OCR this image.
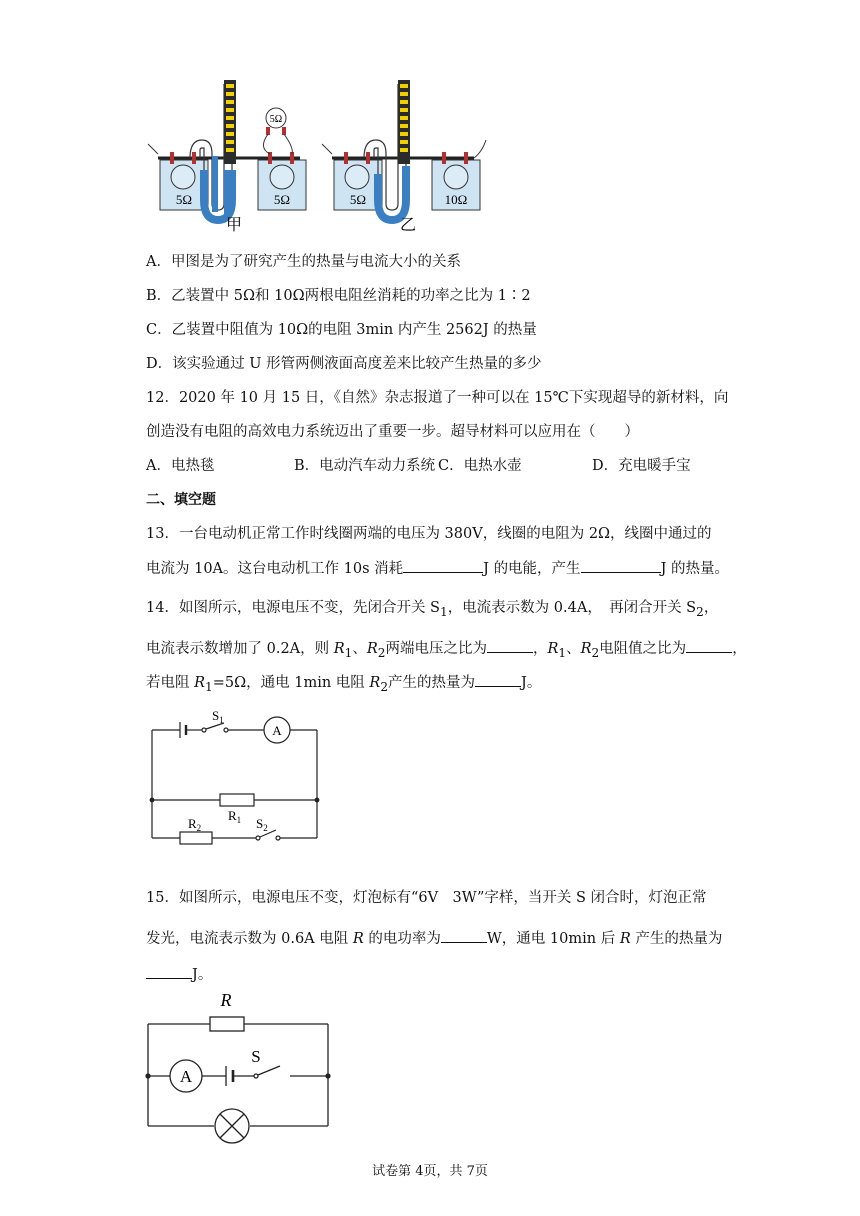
5Ω
5Ω	5Ω
甲
5Ω	10Ω
乙
A．甲图是为了研究产生的热量与电流大小的关系
B．乙装置中 5Ω和 10Ω两根电阻丝消耗的功率之比为 1∶2
C．乙装置中阻值为 10Ω的电阻 3min 内产生 2562J 的热量
D．该实验通过 U 形管两侧液面高度差来比较产生热量的多少
12．2020 年 10 月 15 日，《自然》杂志报道了一种可以在 15℃下实现超导的新材料，向
创造没有电阻的高效电力系统迈出了重要一步。超导材料可以应用在（　　）
A．电热毯	B．电动汽车动力系统 C．电热水壶	D．充电暖手宝
二、填空题
13．一台电动机正常工作时线圈两端的电压为 380V，线圈的电阻为 2Ω，线圈中通过的
电流为 10A。这台电动机工作 10s 消耗	J 的电能，产生	J 的热量。
14．如图所示，电源电压不变，先闭合开关 $S_1$，电流表示数为 0.4A，　再闭合开关 $S_2$，
电流表示数增加了 0.2A，则 $R_1$、$R_2$两端电压之比为	，$R_1$、$R_2$电阻值之比为	，
若电阻 $R_1=5\Omega$，通电 1min 电阻 $R_2$产生的热量为	J。
A
$S_1$
$R_1$
$R_2$	$S_2$
15．如图所示，电源电压不变，灯泡标有“6V　3W”字样，当开关 S 闭合时，灯泡正常
发光，电流表示数为 0.6A 电阻 R 的电功率为	W，通电 10min 后 R 产生的热量为
J。
A
R
S
试卷第 4页，共 7页
